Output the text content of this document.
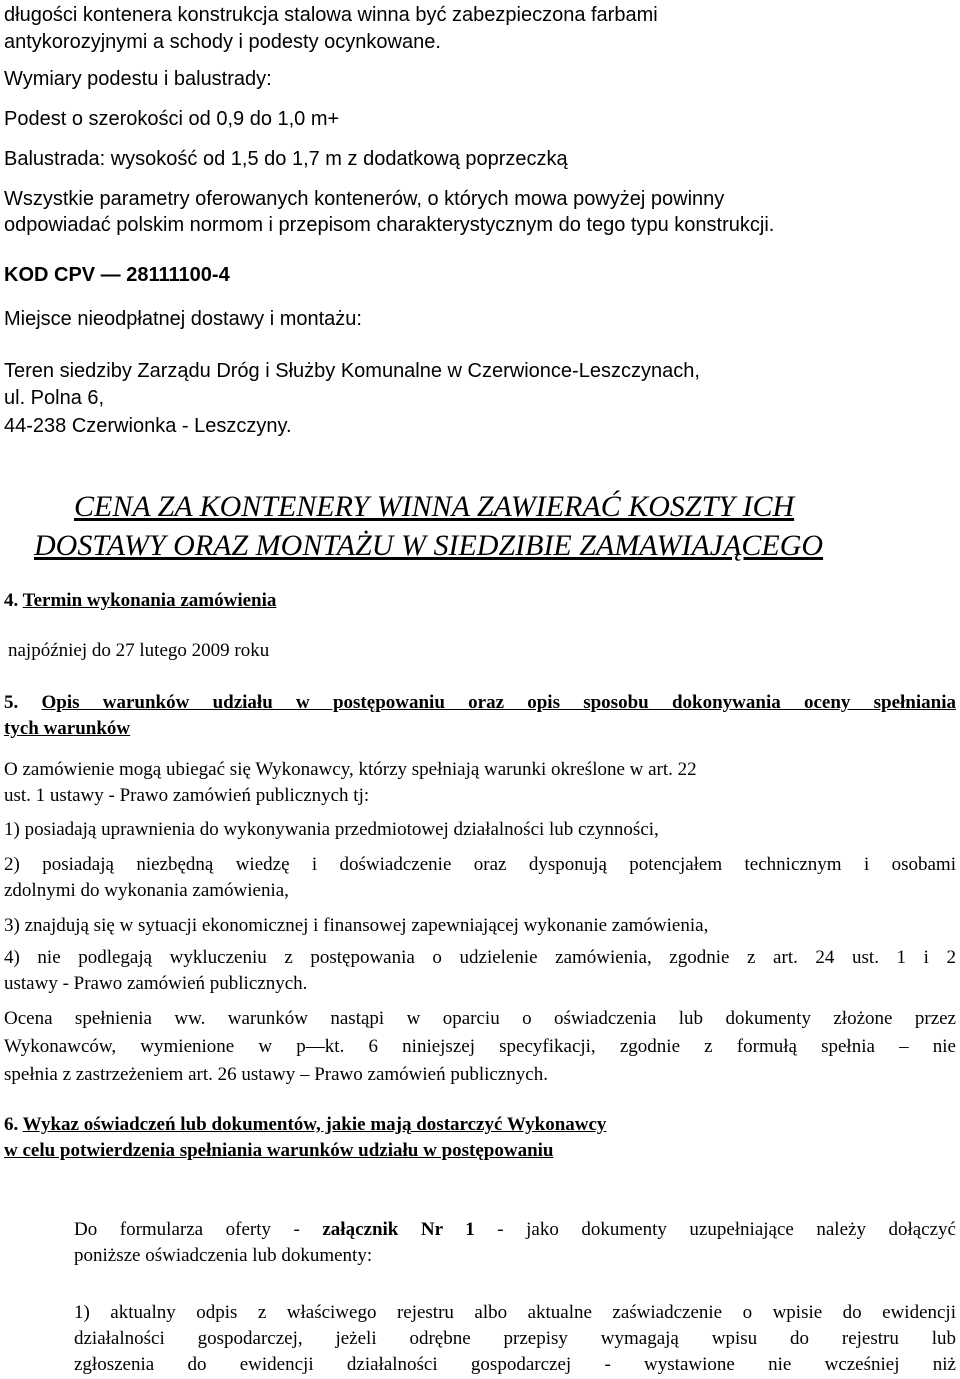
długości kontenera konstrukcja stalowa winna być zabezpieczona farbami
antykorozyjnymi a schody i podesty ocynkowane.
Wymiary podestu i balustrady:
Podest o szerokości od 0,9 do 1,0 m+
Balustrada: wysokość od 1,5 do 1,7 m z dodatkową poprzeczką
Wszystkie parametry oferowanych kontenerów, o których mowa powyżej powinny
odpowiadać polskim normom i przepisom charakterystycznym do tego typu konstrukcji.
KOD CPV — 28111100-4
Miejsce nieodpłatnej dostawy i montażu:
Teren siedziby Zarządu Dróg i Służby Komunalne w Czerwionce-Leszczynach,
ul. Polna 6,
44-238 Czerwionka - Leszczyny.
CENA ZA KONTENERY WINNA ZAWIERAĆ KOSZTY ICH
DOSTAWY ORAZ MONTAŻU W SIEDZIBIE ZAMAWIAJĄCEGO
4. Termin wykonania zamówienia
najpóźniej do 27 lutego 2009 roku
5. Opis warunków udziału w postępowaniu oraz opis sposobu dokonywania oceny spełniania
tych warunków
O zamówienie mogą ubiegać się Wykonawcy, którzy spełniają warunki określone w art. 22
ust. 1 ustawy - Prawo zamówień publicznych tj:
1) posiadają uprawnienia do wykonywania przedmiotowej działalności lub czynności,
2) posiadają niezbędną wiedzę i doświadczenie oraz dysponują potencjałem technicznym i osobami
zdolnymi do wykonania zamówienia,
3) znajdują się w sytuacji ekonomicznej i finansowej zapewniającej wykonanie zamówienia,
4) nie podlegają wykluczeniu z postępowania o udzielenie zamówienia, zgodnie z art. 24 ust. 1 i 2
ustawy - Prawo zamówień publicznych.
Ocena spełnienia ww. warunków nastąpi w oparciu o oświadczenia lub dokumenty złożone przez
Wykonawców, wymienione w p—kt. 6 niniejszej specyfikacji, zgodnie z formułą spełnia – nie
spełnia z zastrzeżeniem art. 26 ustawy – Prawo zamówień publicznych.
6. Wykaz oświadczeń lub dokumentów, jakie mają dostarczyć Wykonawcy
w celu potwierdzenia spełniania warunków udziału w postępowaniu
Do formularza oferty - załącznik Nr 1 - jako dokumenty uzupełniające należy dołączyć
poniższe oświadczenia lub dokumenty:
1) aktualny odpis z właściwego rejestru albo aktualne zaświadczenie o wpisie do ewidencji
działalności gospodarczej, jeżeli odrębne przepisy wymagają wpisu do rejestru lub
zgłoszenia do ewidencji działalności gospodarczej - wystawione nie wcześniej niż
